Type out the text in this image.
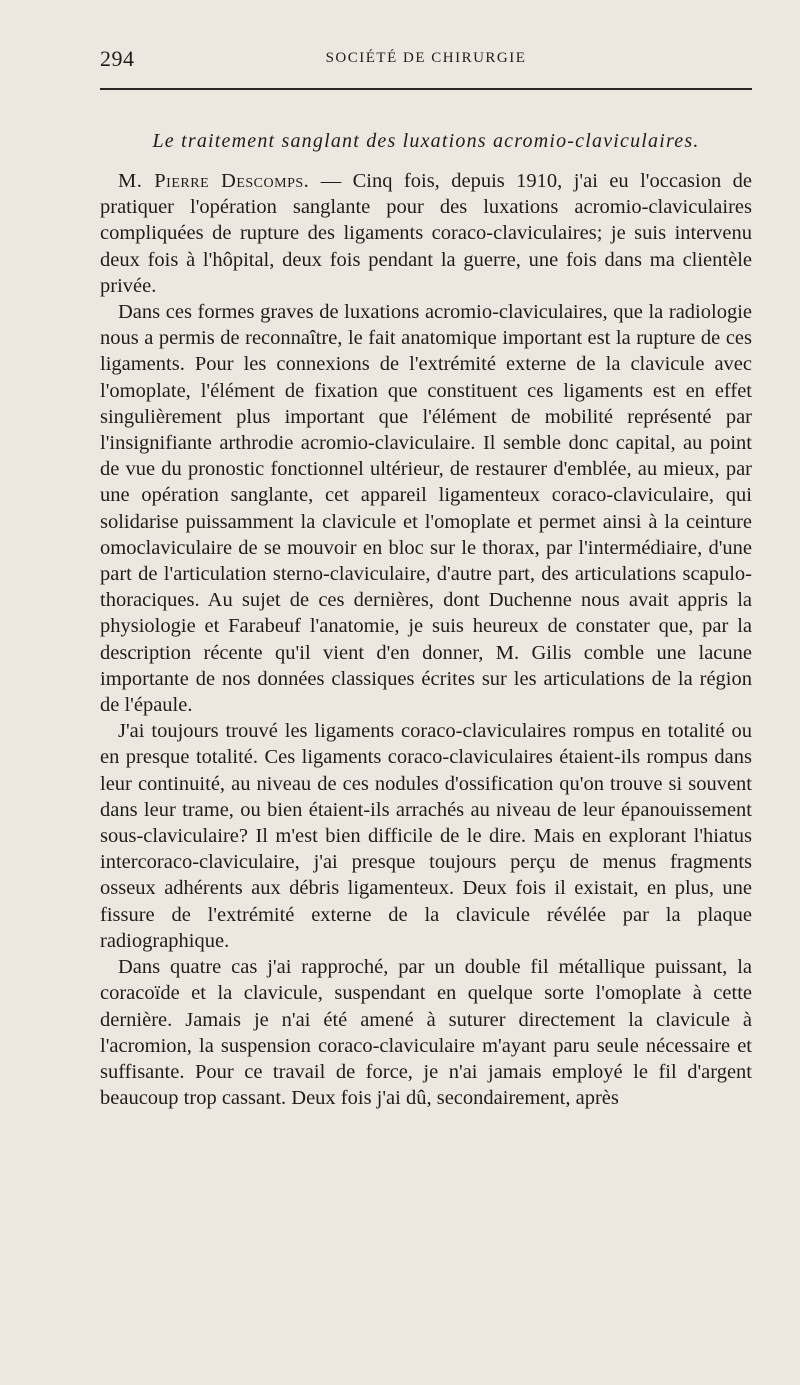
294	SOCIÉTÉ DE CHIRURGIE
Le traitement sanglant des luxations acromio-claviculaires.

M. Pierre Descomps. — Cinq fois, depuis 1910, j'ai eu l'occasion de pratiquer l'opération sanglante pour des luxations acromio-claviculaires compliquées de rupture des ligaments coraco-claviculaires; je suis intervenu deux fois à l'hôpital, deux fois pendant la guerre, une fois dans ma clientèle privée.

Dans ces formes graves de luxations acromio-claviculaires, que la radiologie nous a permis de reconnaître, le fait anatomique important est la rupture de ces ligaments. Pour les connexions de l'extrémité externe de la clavicule avec l'omoplate, l'élément de fixation que constituent ces ligaments est en effet singulièrement plus important que l'élément de mobilité représenté par l'insignifiante arthrodie acromio-claviculaire. Il semble donc capital, au point de vue du pronostic fonctionnel ultérieur, de restaurer d'emblée, au mieux, par une opération sanglante, cet appareil ligamenteux coraco-claviculaire, qui solidarise puissamment la clavicule et l'omoplate et permet ainsi à la ceinture omoclaviculaire de se mouvoir en bloc sur le thorax, par l'intermédiaire, d'une part de l'articulation sterno-claviculaire, d'autre part, des articulations scapulo-thoraciques. Au sujet de ces dernières, dont Duchenne nous avait appris la physiologie et Farabeuf l'anatomie, je suis heureux de constater que, par la description récente qu'il vient d'en donner, M. Gilis comble une lacune importante de nos données classiques écrites sur les articulations de la région de l'épaule.

J'ai toujours trouvé les ligaments coraco-claviculaires rompus en totalité ou en presque totalité. Ces ligaments coraco-claviculaires étaient-ils rompus dans leur continuité, au niveau de ces nodules d'ossification qu'on trouve si souvent dans leur trame, ou bien étaient-ils arrachés au niveau de leur épanouissement sous-claviculaire? Il m'est bien difficile de le dire. Mais en explorant l'hiatus intercoraco-claviculaire, j'ai presque toujours perçu de menus fragments osseux adhérents aux débris ligamenteux. Deux fois il existait, en plus, une fissure de l'extrémité externe de la clavicule révélée par la plaque radiographique.

Dans quatre cas j'ai rapproché, par un double fil métallique puissant, la coracoïde et la clavicule, suspendant en quelque sorte l'omoplate à cette dernière. Jamais je n'ai été amené à suturer directement la clavicule à l'acromion, la suspension coraco-claviculaire m'ayant paru seule nécessaire et suffisante. Pour ce travail de force, je n'ai jamais employé le fil d'argent beaucoup trop cassant. Deux fois j'ai dû, secondairement, après
